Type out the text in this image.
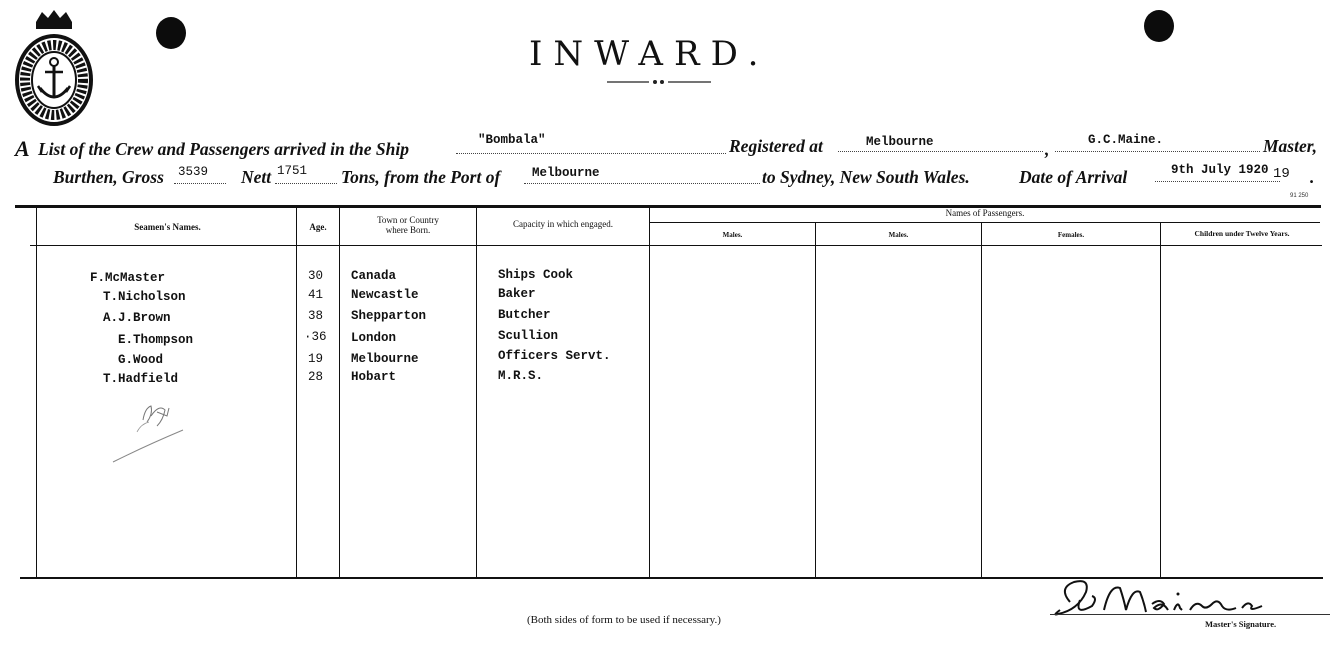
INWARD.
A List of the Crew and Passengers arrived in the Ship	"Bombala"	Registered at	Melbourne	,	G.C.Maine.	Master,
Burthen, Gross 3539 Nett 1751 Tons, from the Port of	Melbourne	to Sydney, New South Wales.	Date of Arrival	9th July 1920 19 .
91 250
Seamen's Names.	Age.
Town or Country
where Born.
Capacity in which engaged.
Names of Passengers.
Males.	Males.	Females.	Children under Twelve Years.
F.McMaster	30 Canada	Ships Cook
T.Nicholson	41 Newcastle	Baker
A.J.Brown	38 Shepparton	Butcher
E.Thompson	·36 London	Scullion
G.Wood	19 Melbourne	Officers Servt.
T.Hadfield	28 Hobart	M.R.S.
(Both sides of form to be used if necessary.)	Master's Signature.
